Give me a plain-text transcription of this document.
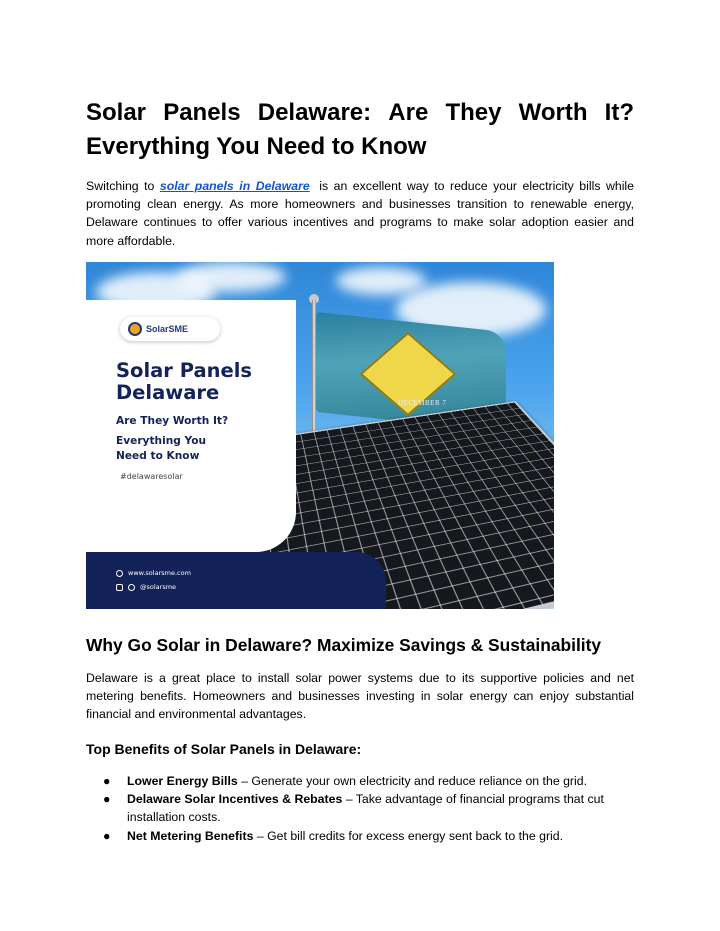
Solar Panels Delaware: Are They Worth It?
Everything You Need to Know

Switching to solar panels in Delaware is an excellent way to reduce your electricity bills while promoting clean energy. As more homeowners and businesses transition to renewable energy, Delaware continues to offer various incentives and programs to make solar adoption easier and more affordable.

DECEMBER 7
SolarSME
Solar Panels
Delaware
Are They Worth It?
Everything You
Need to Know
#delawaresolar
www.solarsme.com
@solarsme
Why Go Solar in Delaware? Maximize Savings & Sustainability

Delaware is a great place to install solar power systems due to its supportive policies and net metering benefits. Homeowners and businesses investing in solar energy can enjoy substantial financial and environmental advantages.

Top Benefits of Solar Panels in Delaware:
● Lower Energy Bills – Generate your own electricity and reduce reliance on the grid.
● Delaware Solar Incentives & Rebates – Take advantage of financial programs that cut installation costs.
● Net Metering Benefits – Get bill credits for excess energy sent back to the grid.
